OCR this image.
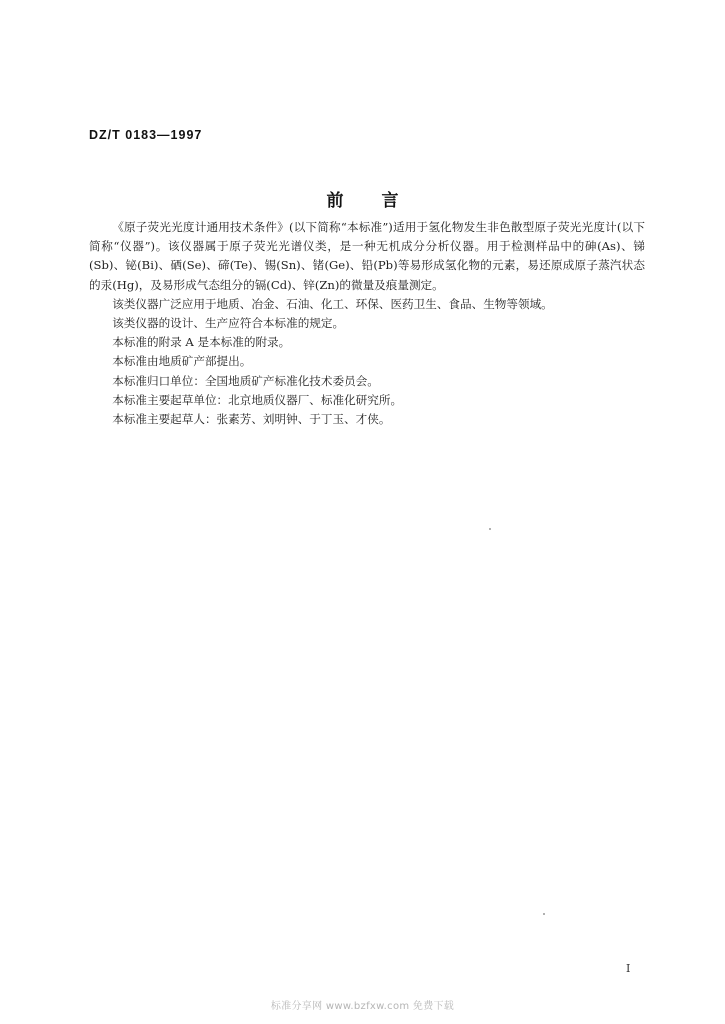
DZ/T 0183—1997
前言

《原子荧光光度计通用技术条件》(以下简称“本标准”)适用于氢化物发生非色散型原子荧光光度计(以下简称“仪器”)。该仪器属于原子荧光光谱仪类，是一种无机成分分析仪器。用于检测样品中的砷(As)、锑(Sb)、铋(Bi)、硒(Se)、碲(Te)、锡(Sn)、锗(Ge)、铅(Pb)等易形成氢化物的元素，易还原成原子蒸汽状态的汞(Hg)，及易形成气态组分的镉(Cd)、锌(Zn)的微量及痕量测定。

该类仪器广泛应用于地质、冶金、石油、化工、环保、医药卫生、食品、生物等领域。

该类仪器的设计、生产应符合本标准的规定。

本标准的附录 A 是本标准的附录。

本标准由地质矿产部提出。

本标准归口单位：全国地质矿产标准化技术委员会。

本标准主要起草单位：北京地质仪器厂、标准化研究所。

本标准主要起草人：张素芳、刘明钟、于丁玉、才侠。

I
标准分享网 www.bzfxw.com 免费下载
